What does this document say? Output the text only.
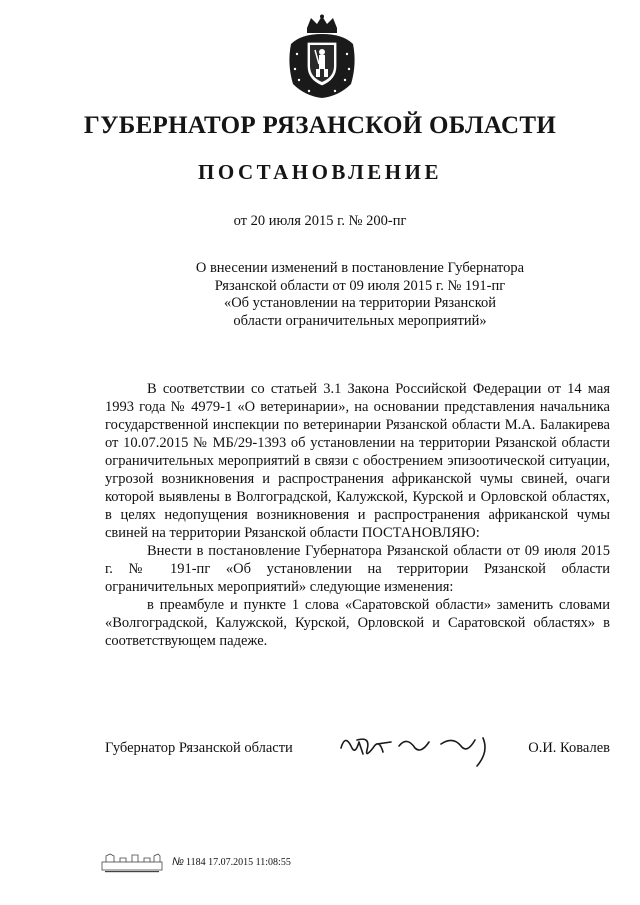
ГУБЕРНАТОР РЯЗАНСКОЙ ОБЛАСТИ
ПОСТАНОВЛЕНИЕ
от 20 июля 2015 г. № 200-пг
О внесении изменений в постановление Губернатора
Рязанской области от 09 июля 2015 г. № 191-пг
«Об установлении на территории Рязанской
области ограничительных мероприятий»

В соответствии со статьей 3.1 Закона Российской Федерации от 14 мая 1993 года № 4979-1 «О ветеринарии», на основании представления начальника государственной инспекции по ветеринарии Рязанской области М.А. Балакирева от 10.07.2015 № МБ/29-1393 об установлении на территории Рязанской области ограничительных мероприятий в связи с обострением эпизоотической ситуации, угрозой возникновения и распространения африканской чумы свиней, очаги которой выявлены в Волгоградской, Калужской, Курской и Орловской областях, в целях недопущения возникновения и распространения африканской чумы свиней на территории Рязанской области ПОСТАНОВЛЯЮ:

Внести в постановление Губернатора Рязанской области от 09 июля 2015 г. № 191-пг «Об установлении на территории Рязанской области ограничительных мероприятий» следующие изменения:

в преамбуле и пункте 1 слова «Саратовской области» заменить словами «Волгоградской, Калужской, Курской, Орловской и Саратовской областях» в соответствующем падеже.

Губернатор Рязанской области	О.И. Ковалев
№ 1184 17.07.2015 11:08:55
